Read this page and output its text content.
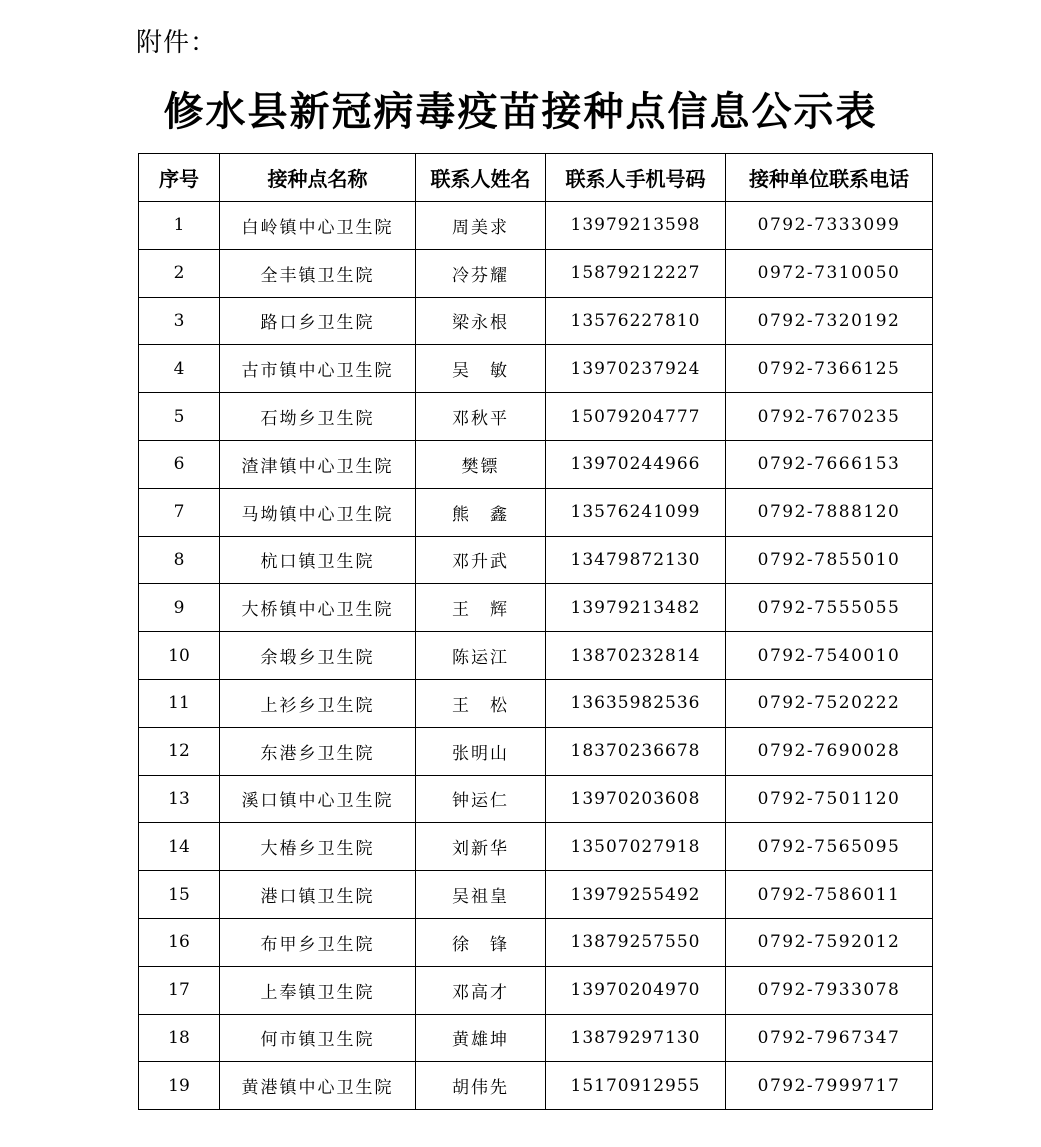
附件：
修水县新冠病毒疫苗接种点信息公示表
序号	接种点名称	联系人姓名	联系人手机号码	接种单位联系电话
1	白岭镇中心卫生院	周美求	13979213598	0792-7333099
2	全丰镇卫生院	冷芬耀	15879212227	0972-7310050
3	路口乡卫生院	梁永根	13576227810	0792-7320192
4	古市镇中心卫生院	吴　敏	13970237924	0792-7366125
5	石坳乡卫生院	邓秋平	15079204777	0792-7670235
6	渣津镇中心卫生院	樊镖	13970244966	0792-7666153
7	马坳镇中心卫生院	熊　鑫	13576241099	0792-7888120
8	杭口镇卫生院	邓升武	13479872130	0792-7855010
9	大桥镇中心卫生院	王　辉	13979213482	0792-7555055
10	余塅乡卫生院	陈运江	13870232814	0792-7540010
11	上衫乡卫生院	王　松	13635982536	0792-7520222
12	东港乡卫生院	张明山	18370236678	0792-7690028
13	溪口镇中心卫生院	钟运仁	13970203608	0792-7501120
14	大椿乡卫生院	刘新华	13507027918	0792-7565095
15	港口镇卫生院	吴祖皇	13979255492	0792-7586011
16	布甲乡卫生院	徐　锋	13879257550	0792-7592012
17	上奉镇卫生院	邓高才	13970204970	0792-7933078
18	何市镇卫生院	黄雄坤	13879297130	0792-7967347
19	黄港镇中心卫生院	胡伟先	15170912955	0792-7999717
